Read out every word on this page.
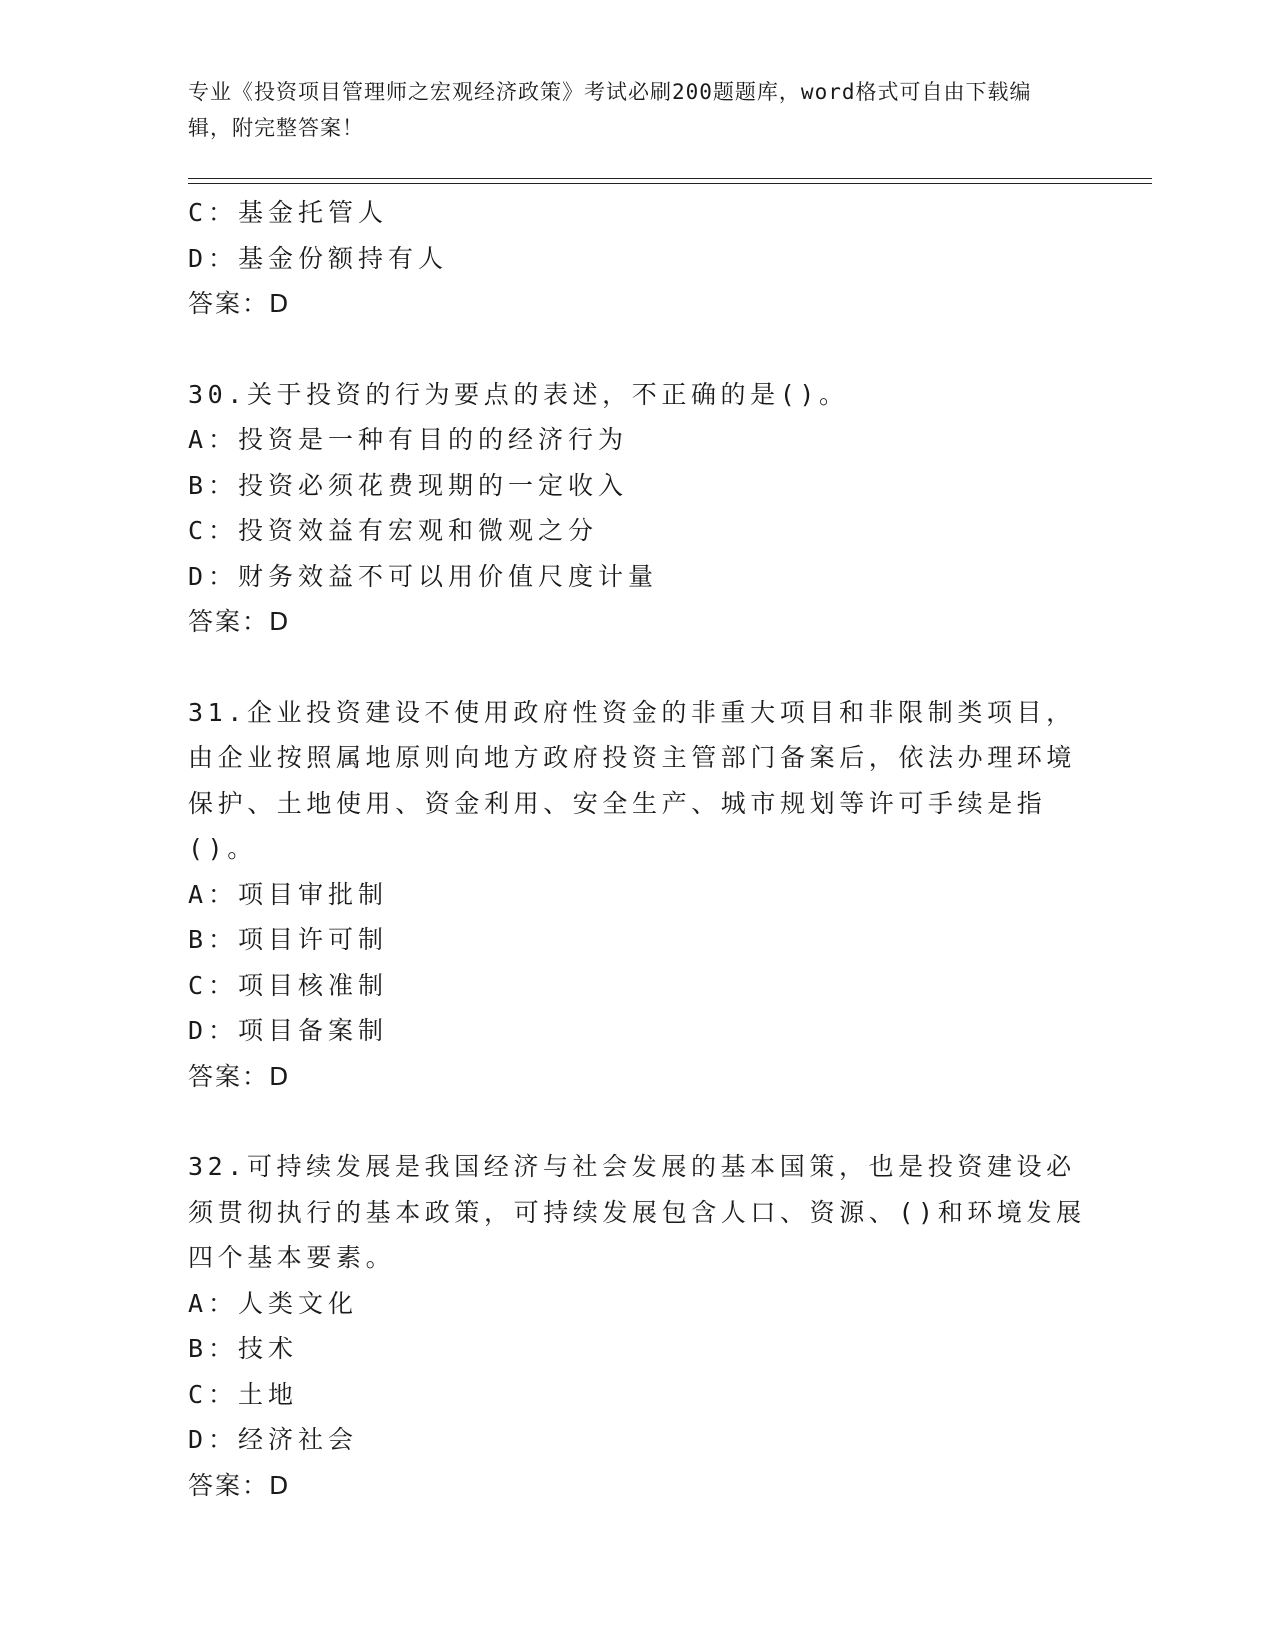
专业《投资项目管理师之宏观经济政策》考试必刷200题题库，word格式可自由下载编辑，附完整答案！
C：基金托管人
D：基金份额持有人
答案：D
30.关于投资的行为要点的表述，不正确的是()。
A：投资是一种有目的的经济行为
B：投资必须花费现期的一定收入
C：投资效益有宏观和微观之分
D：财务效益不可以用价值尺度计量
答案：D
31.企业投资建设不使用政府性资金的非重大项目和非限制类项目，由企业按照属地原则向地方政府投资主管部门备案后，依法办理环境保护、土地使用、资金利用、安全生产、城市规划等许可手续是指()。
A：项目审批制
B：项目许可制
C：项目核准制
D：项目备案制
答案：D
32.可持续发展是我国经济与社会发展的基本国策，也是投资建设必须贯彻执行的基本政策，可持续发展包含人口、资源、()和环境发展四个基本要素。
A：人类文化
B：技术
C：土地
D：经济社会
答案：D
